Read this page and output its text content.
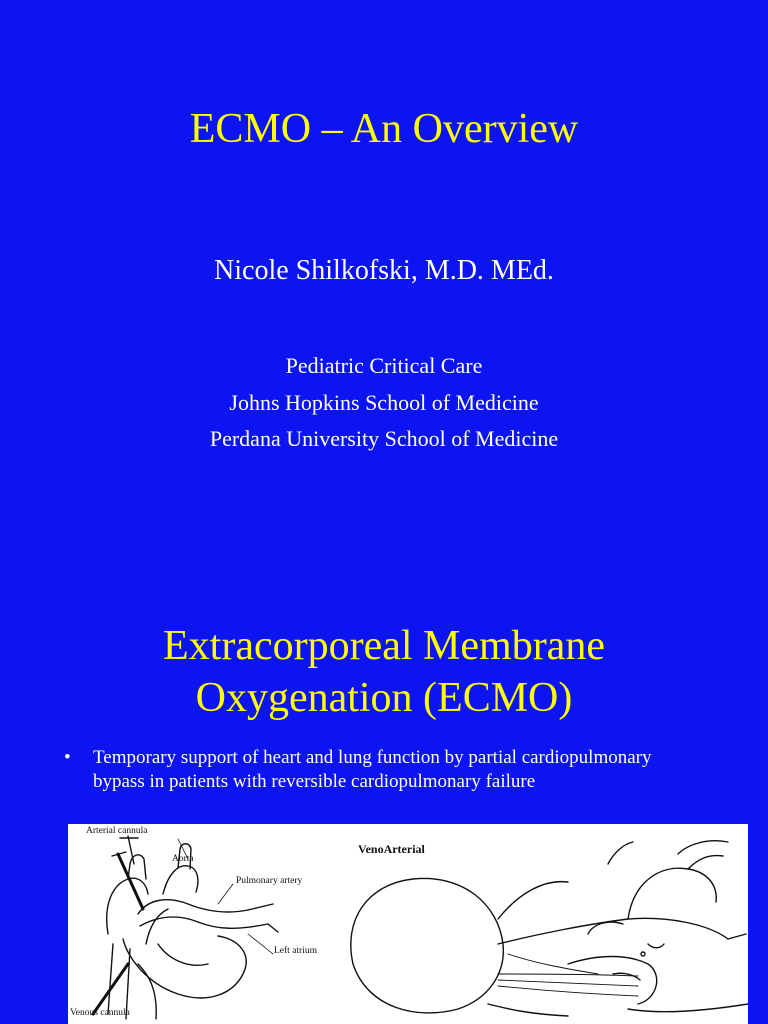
ECMO – An Overview
Nicole Shilkofski, M.D. MEd.
Pediatric Critical Care
Johns Hopkins School of Medicine
Perdana University School of Medicine
Extracorporeal Membrane
Oxygenation (ECMO)
• Temporary support of heart and lung function by partial cardiopulmonary bypass in patients with reversible cardiopulmonary failure
VenoArterial
Arterial cannula
Aorta
Pulmonary artery
Left atrium
Venous cannula
